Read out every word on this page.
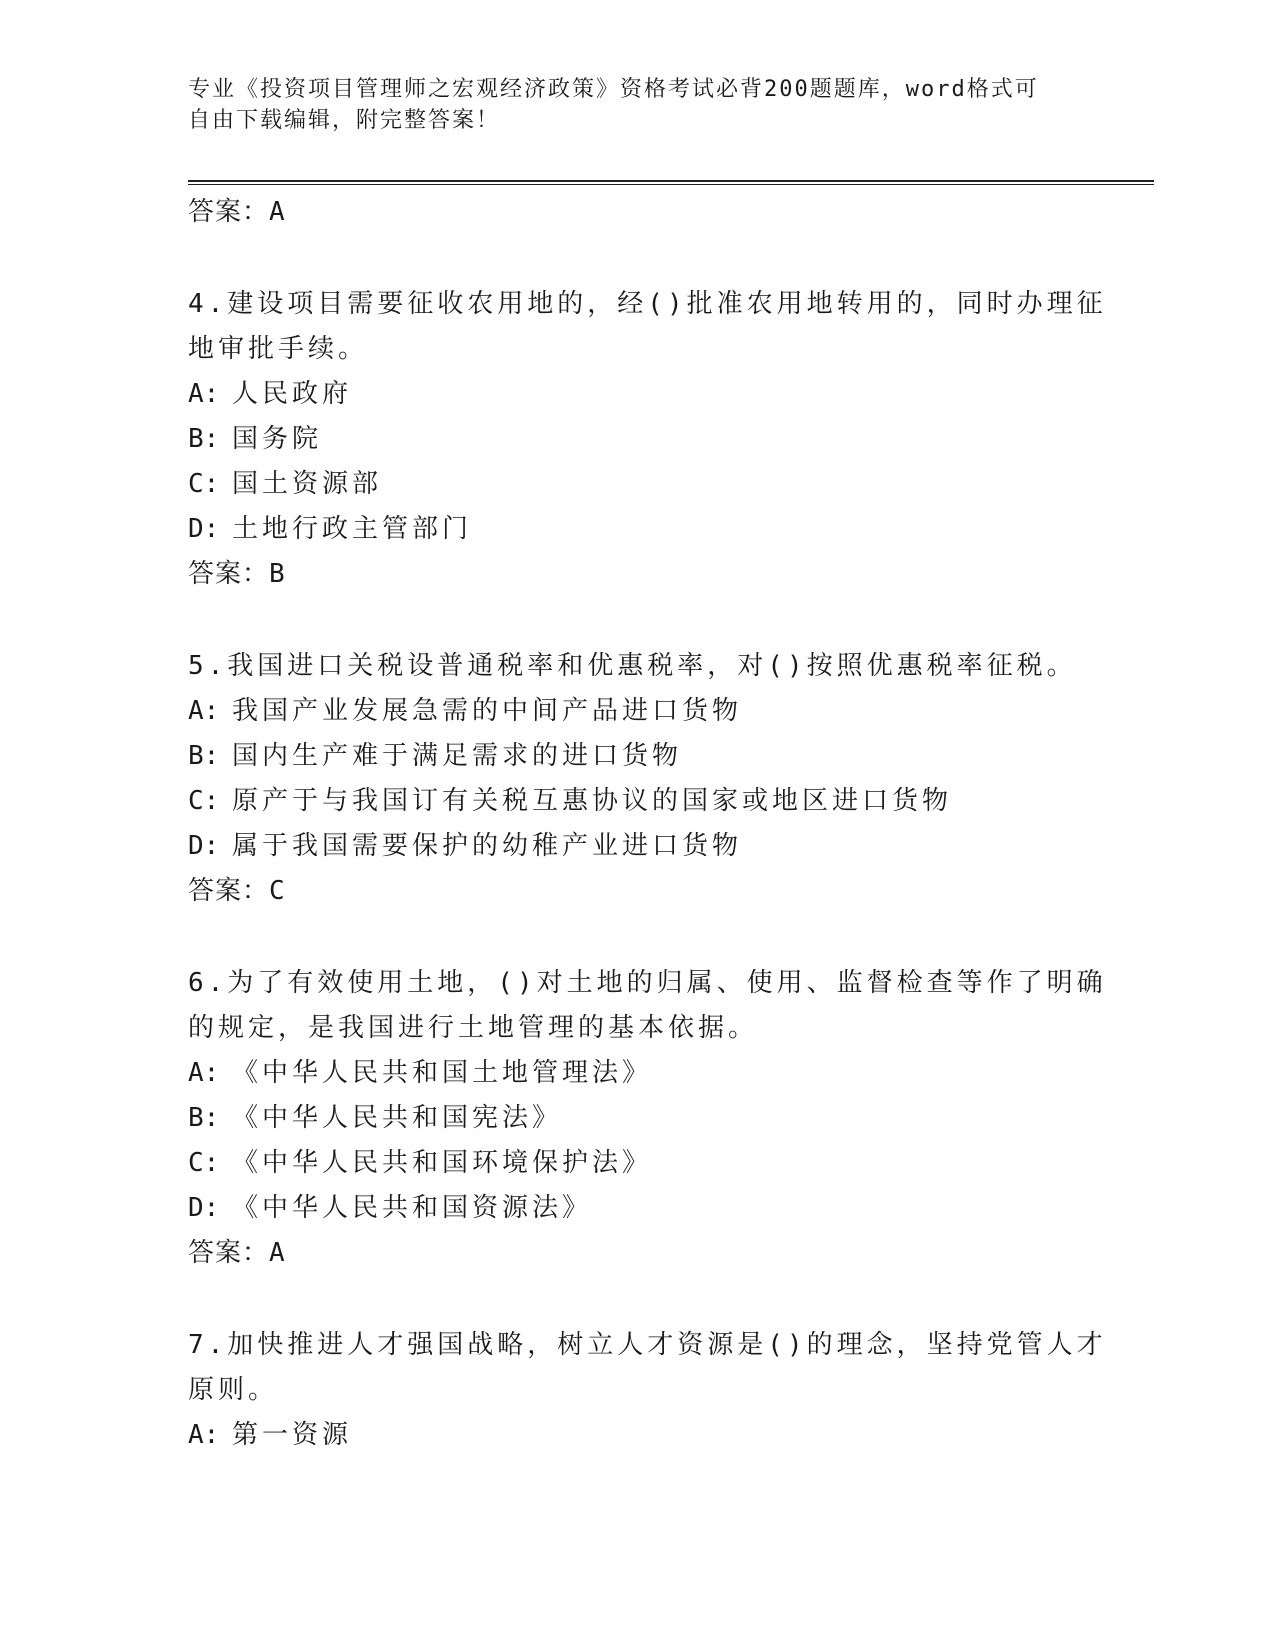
专业《投资项目管理师之宏观经济政策》资格考试必背200题题库，word格式可
自由下载编辑，附完整答案！
答案：A
4.建设项目需要征收农用地的，经()批准农用地转用的，同时办理征
地审批手续。
A: 人民政府
B: 国务院
C: 国土资源部
D: 土地行政主管部门
答案：B
5.我国进口关税设普通税率和优惠税率，对()按照优惠税率征税。
A: 我国产业发展急需的中间产品进口货物
B: 国内生产难于满足需求的进口货物
C: 原产于与我国订有关税互惠协议的国家或地区进口货物
D: 属于我国需要保护的幼稚产业进口货物
答案：C
6.为了有效使用土地，()对土地的归属、使用、监督检查等作了明确
的规定，是我国进行土地管理的基本依据。
A: 《中华人民共和国土地管理法》
B: 《中华人民共和国宪法》
C: 《中华人民共和国环境保护法》
D: 《中华人民共和国资源法》
答案：A
7.加快推进人才强国战略，树立人才资源是()的理念，坚持党管人才
原则。
A: 第一资源
